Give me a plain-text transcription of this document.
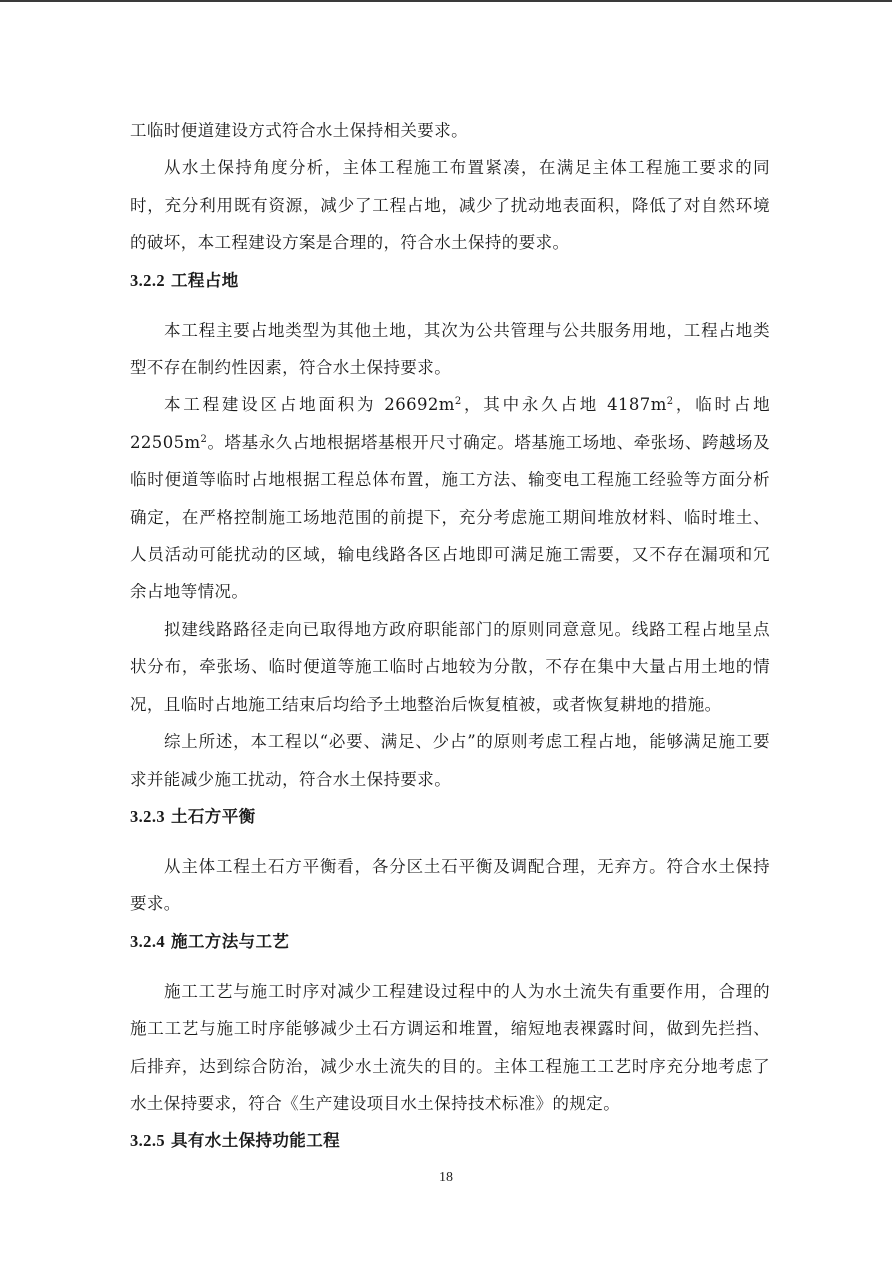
工临时便道建设方式符合水土保持相关要求。

从水土保持角度分析，主体工程施工布置紧凑，在满足主体工程施工要求的同时，充分利用既有资源，减少了工程占地，减少了扰动地表面积，降低了对自然环境的破坏，本工程建设方案是合理的，符合水土保持的要求。

3.2.2 工程占地

本工程主要占地类型为其他土地，其次为公共管理与公共服务用地，工程占地类型不存在制约性因素，符合水土保持要求。

本工程建设区占地面积为 $26692m^2$，其中永久占地 $4187m^2$，临时占地 $22505m^2$。塔基永久占地根据塔基根开尺寸确定。塔基施工场地、牵张场、跨越场及临时便道等临时占地根据工程总体布置，施工方法、输变电工程施工经验等方面分析确定，在严格控制施工场地范围的前提下，充分考虑施工期间堆放材料、临时堆土、人员活动可能扰动的区域，输电线路各区占地即可满足施工需要，又不存在漏项和冗余占地等情况。

拟建线路路径走向已取得地方政府职能部门的原则同意意见。线路工程占地呈点状分布，牵张场、临时便道等施工临时占地较为分散，不存在集中大量占用土地的情况，且临时占地施工结束后均给予土地整治后恢复植被，或者恢复耕地的措施。

综上所述，本工程以“必要、满足、少占”的原则考虑工程占地，能够满足施工要求并能减少施工扰动，符合水土保持要求。

3.2.3 土石方平衡

从主体工程土石方平衡看，各分区土石平衡及调配合理，无弃方。符合水土保持要求。

3.2.4 施工方法与工艺

施工工艺与施工时序对减少工程建设过程中的人为水土流失有重要作用，合理的施工工艺与施工时序能够减少土石方调运和堆置，缩短地表裸露时间，做到先拦挡、后排弃，达到综合防治，减少水土流失的目的。主体工程施工工艺时序充分地考虑了水土保持要求，符合《生产建设项目水土保持技术标准》的规定。

3.2.5 具有水土保持功能工程
18
